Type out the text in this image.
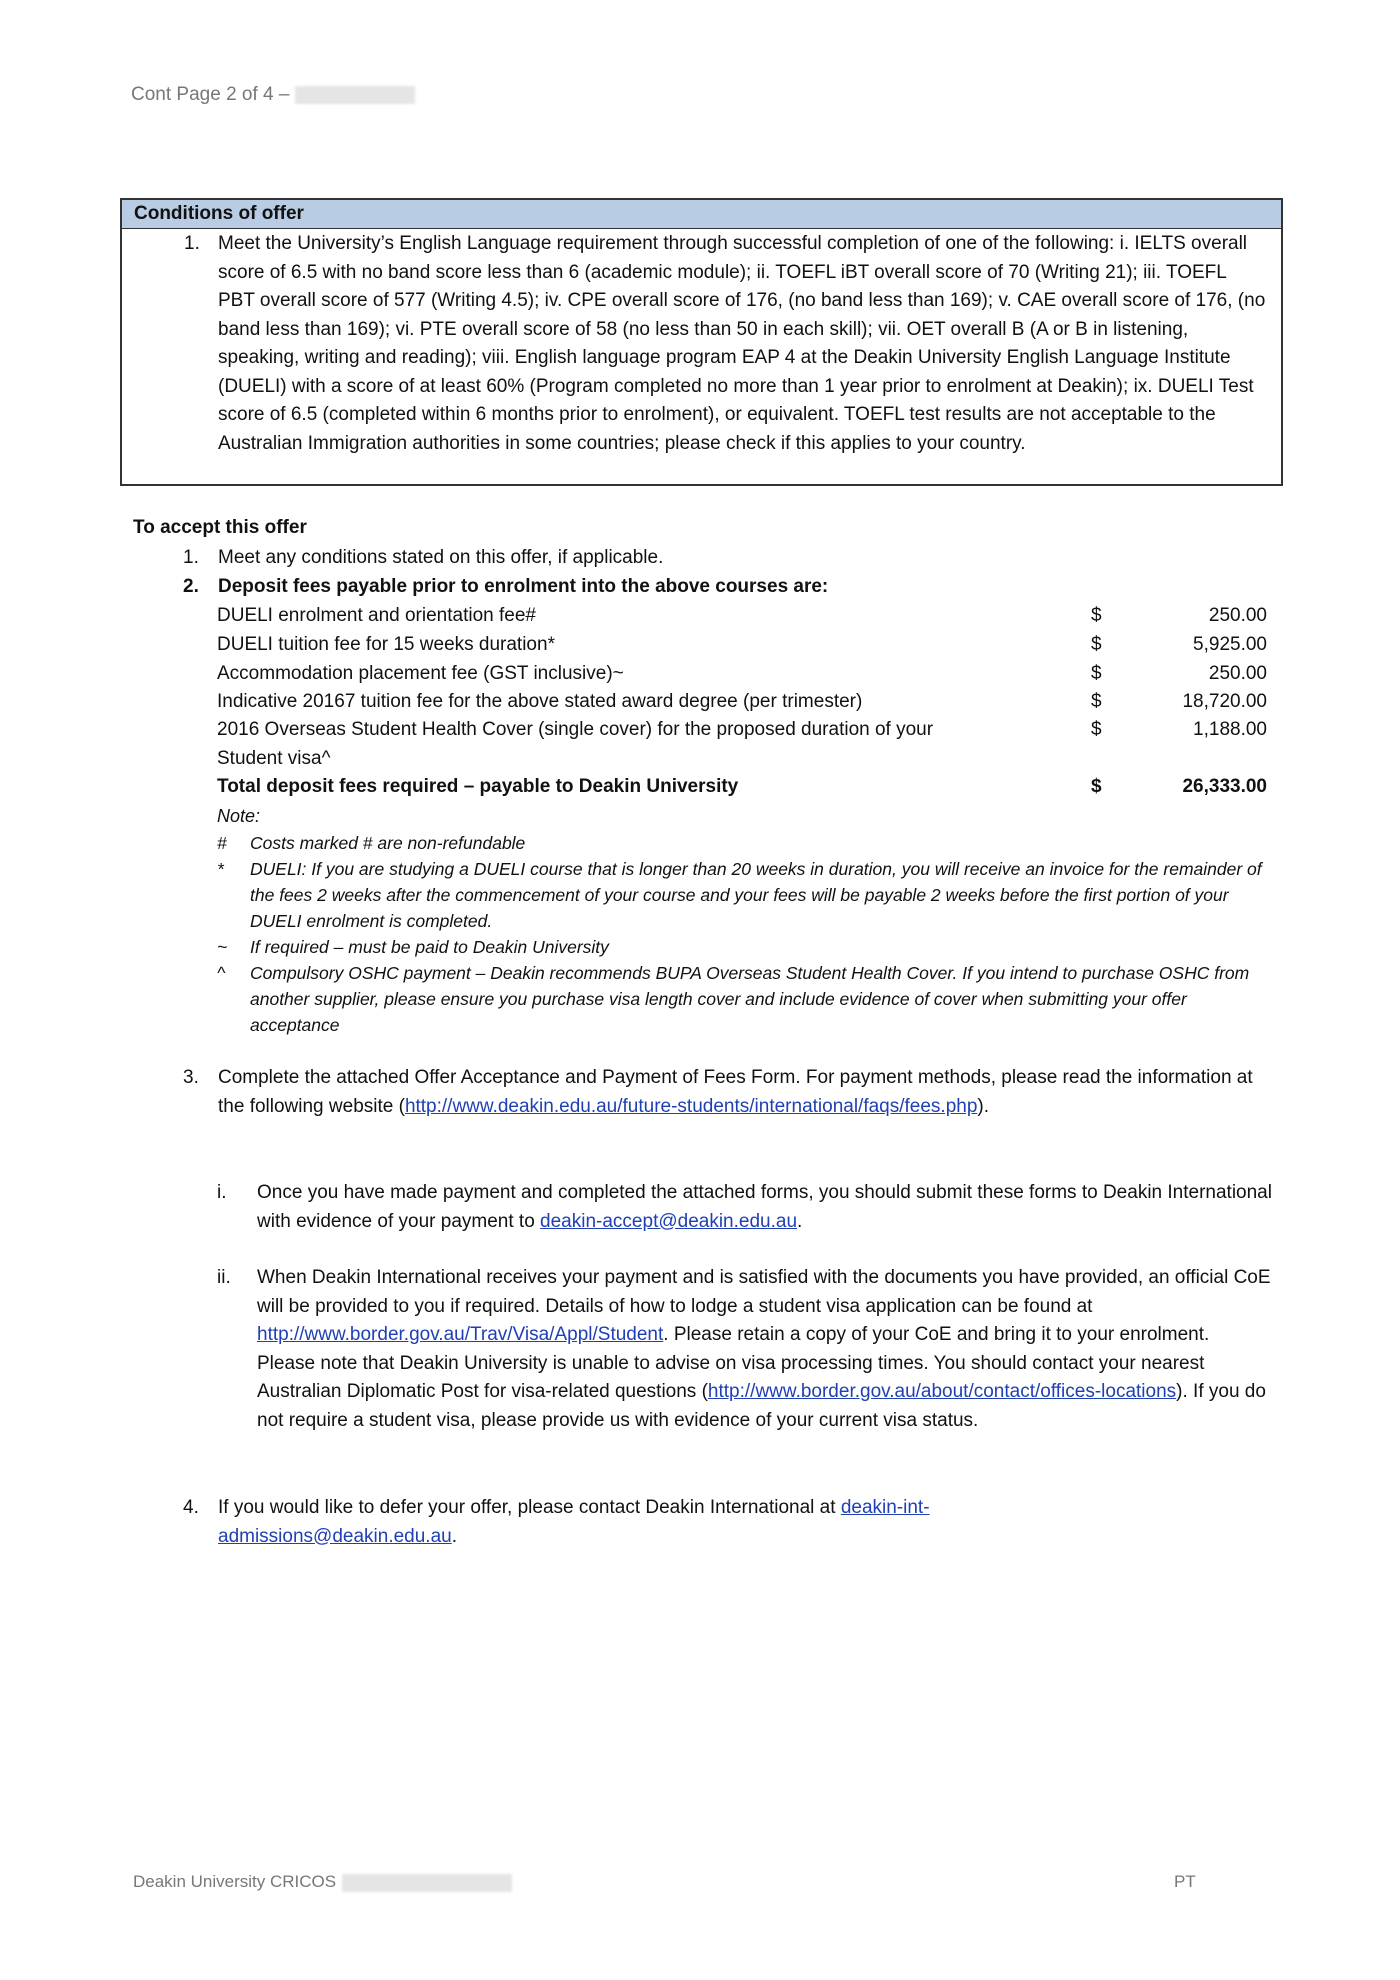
Cont Page 2 of 4 –
Conditions of offer
1. Meet the University’s English Language requirement through successful completion of one of the following: i. IELTS overall score of 6.5 with no band score less than 6 (academic module); ii. TOEFL iBT overall score of 70 (Writing 21); iii. TOEFL PBT overall score of 577 (Writing 4.5); iv. CPE overall score of 176, (no band less than 169); v. CAE overall score of 176, (no band less than 169); vi. PTE overall score of 58 (no less than 50 in each skill); vii. OET overall B (A or B in listening, speaking, writing and reading); viii. English language program EAP 4 at the Deakin University English Language Institute (DUELI) with a score of at least 60% (Program completed no more than 1 year prior to enrolment at Deakin); ix. DUELI Test score of 6.5 (completed within 6 months prior to enrolment), or equivalent. TOEFL test results are not acceptable to the Australian Immigration authorities in some countries; please check if this applies to your country.
To accept this offer
1. Meet any conditions stated on this offer, if applicable.
2. Deposit fees payable prior to enrolment into the above courses are:
DUELI enrolment and orientation fee#	$	250.00
DUELI tuition fee for 15 weeks duration*	$	5,925.00
Accommodation placement fee (GST inclusive)~	$	250.00
Indicative 20167 tuition fee for the above stated award degree (per trimester)	$	18,720.00
2016 Overseas Student Health Cover (single cover) for the proposed duration of your	$	1,188.00
Student visa^
Total deposit fees required – payable to Deakin University	$	26,333.00
Note:
# Costs marked # are non-refundable
* DUELI: If you are studying a DUELI course that is longer than 20 weeks in duration, you will receive an invoice for the remainder of the fees 2 weeks after the commencement of your course and your fees will be payable 2 weeks before the first portion of your DUELI enrolment is completed.
~ If required – must be paid to Deakin University
^ Compulsory OSHC payment – Deakin recommends BUPA Overseas Student Health Cover. If you intend to purchase OSHC from another supplier, please ensure you purchase visa length cover and include evidence of cover when submitting your offer acceptance
3. Complete the attached Offer Acceptance and Payment of Fees Form. For payment methods, please read the information at the following website (http://www.deakin.edu.au/future-students/international/faqs/fees.php).
i. Once you have made payment and completed the attached forms, you should submit these forms to Deakin International with evidence of your payment to deakin-accept@deakin.edu.au.
ii. When Deakin International receives your payment and is satisfied with the documents you have provided, an official CoE will be provided to you if required. Details of how to lodge a student visa application can be found at http://www.border.gov.au/Trav/Visa/Appl/Student. Please retain a copy of your CoE and bring it to your enrolment. Please note that Deakin University is unable to advise on visa processing times. You should contact your nearest Australian Diplomatic Post for visa-related questions (http://www.border.gov.au/about/contact/offices-locations). If you do not require a student visa, please provide us with evidence of your current visa status.
4. If you would like to defer your offer, please contact Deakin International at deakin-int-admissions@deakin.edu.au.
Deakin University CRICOS	PT
